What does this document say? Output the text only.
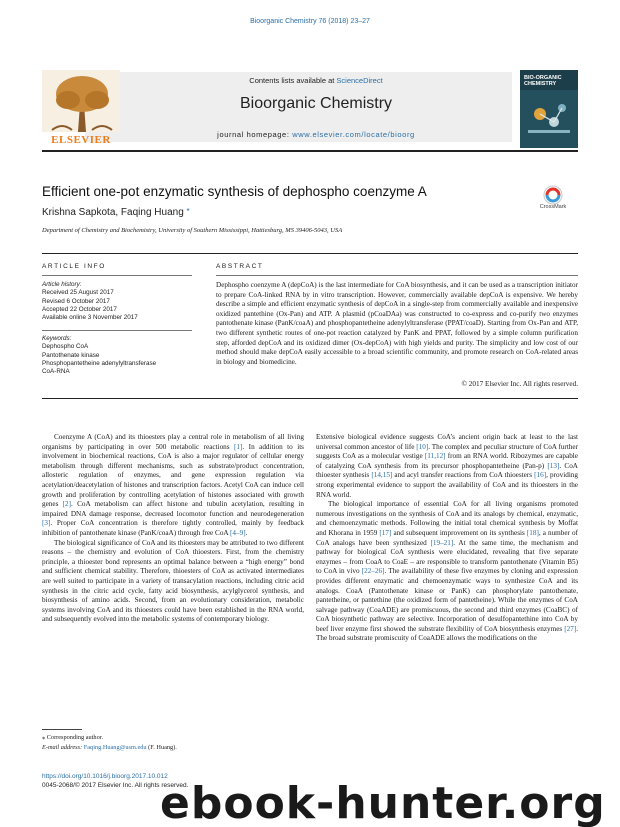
Bioorganic Chemistry 76 (2018) 23–27
ELSEVIER
Contents lists available at ScienceDirect
Bioorganic Chemistry
journal homepage: www.elsevier.com/locate/bioorg
BIO-ORGANIC CHEMISTRY
Efficient one-pot enzymatic synthesis of dephospho coenzyme A
CrossMark
Krishna Sapkota, Faqing Huang *
Department of Chemistry and Biochemistry, University of Southern Mississippi, Hattiesburg, MS 39406-5043, USA
ARTICLE INFO	ABSTRACT
Article history:
Received 25 August 2017
Revised 6 October 2017
Accepted 22 October 2017
Available online 3 November 2017
Keywords:
Dephospho CoA
Pantothenate kinase
Phosphopantetheine adenylyltransferase
CoA-RNA
Dephospho coenzyme A (depCoA) is the last intermediate for CoA biosynthesis, and it can be used as a transcription initiator to prepare CoA-linked RNA by in vitro transcription. However, commercially available depCoA is expensive. We hereby describe a simple and efficient enzymatic synthesis of depCoA in a single-step from commercially available and inexpensive oxidized pantethine (Ox-Pan) and ATP. A plasmid (pCoaDAa) was constructed to co-express and co-purify two enzymes pantothenate kinase (PanK/coaA) and phosphopantetheine adenylyltransferase (PPAT/coaD). Starting from Ox-Pan and ATP, two different synthetic routes of one-pot reaction catalyzed by PanK and PPAT, followed by a simple column purification step, afforded depCoA and its oxidized dimer (Ox-depCoA) with high yields and purity. The simplicity and low cost of our method should make depCoA easily accessible to a broad scientific community, and promote research on CoA-related areas in biology and biomedicine.
© 2017 Elsevier Inc. All rights reserved.

Coenzyme A (CoA) and its thioesters play a central role in metabolism of all living organisms by participating in over 500 metabolic reactions [1]. In addition to its involvement in biochemical reactions, CoA is also a major regulator of cellular energy metabolism through different mechanisms, such as substrate/product concentration, allosteric regulation of enzymes, and gene expression regulation via acetylation/deacetylation of histones and transcription factors. Acetyl CoA can induce cell growth and proliferation by controlling acetylation of histones associated with growth genes [2]. CoA metabolism can affect histone and tubulin acetylation, resulting in impaired DNA damage response, decreased locomotor function and neurodegeneration [3]. Proper CoA concentration is therefore tightly controlled, mainly by feedback inhibition of pantothenate kinase (PanK/coaA) through free CoA [4–9].

The biological significance of CoA and its thioesters may be attributed to two different reasons – the chemistry and evolution of CoA thioesters. First, from the chemistry principle, a thioester bond represents an optimal balance between a “high energy” bond and sufficient chemical stability. Therefore, thioesters of CoA as activated intermediates are well suited to participate in a variety of transacylation reactions, including citric acid synthesis in the citric acid cycle, fatty acid biosynthesis, acylglycerol synthesis, and biosynthesis of amino acids. Second, from an evolutionary consideration, metabolic systems involving CoA and its thioesters could have been established in the RNA world, and subsequently evolved into the metabolic systems of contemporary biology.

Extensive biological evidence suggests CoA’s ancient origin back at least to the last universal common ancestor of life [10]. The complex and peculiar structure of CoA further suggests CoA as a molecular vestige [11,12] from an RNA world. Ribozymes are capable of catalyzing CoA synthesis from its precursor phosphopantetheine (Pan-p) [13]. CoA thioester synthesis [14,15] and acyl transfer reactions from CoA thioesters [16], providing strong experimental evidence to support the availability of CoA and its thioesters in the RNA world.

The biological importance of essential CoA for all living organisms promoted numerous investigations on the synthesis of CoA and its analogs by chemical, enzymatic, and chemoenzymatic methods. Following the initial total chemical synthesis by Moffat and Khorana in 1959 [17] and subsequent improvement on its synthesis [18], a number of CoA analogs have been synthesized [19–21]. At the same time, the mechanism and pathway for biological CoA synthesis were elucidated, revealing that five separate enzymes – from CoaA to CoaE – are responsible to transform pantothenate (Vitamin B5) to CoA in vivo [22–26]. The availability of these five enzymes by cloning and expression provides different enzymatic and chemoenzymatic ways to synthesize CoA and its analogs. CoaA (Pantothenate kinase or PanK) can phosphorylate pantothenate, pantetheine, or pantethine (the oxidized form of pantetheine). While the enzymes of CoA salvage pathway (CoaADE) are promiscuous, the second and third enzymes (CoaBC) of CoA biosynthetic pathway are selective. Incorporation of desulfopantethine into CoA by beef liver enzyme first showed the substrate flexibility of CoA biosynthesis enzymes [27]. The broad substrate promiscuity of CoaADE allows the modifications on the

⁎ Corresponding author.
E-mail address: Faqing.Huang@usm.edu (F. Huang).
https://doi.org/10.1016/j.bioorg.2017.10.012
0045-2068/© 2017 Elsevier Inc. All rights reserved.
ebook-hunter.org
